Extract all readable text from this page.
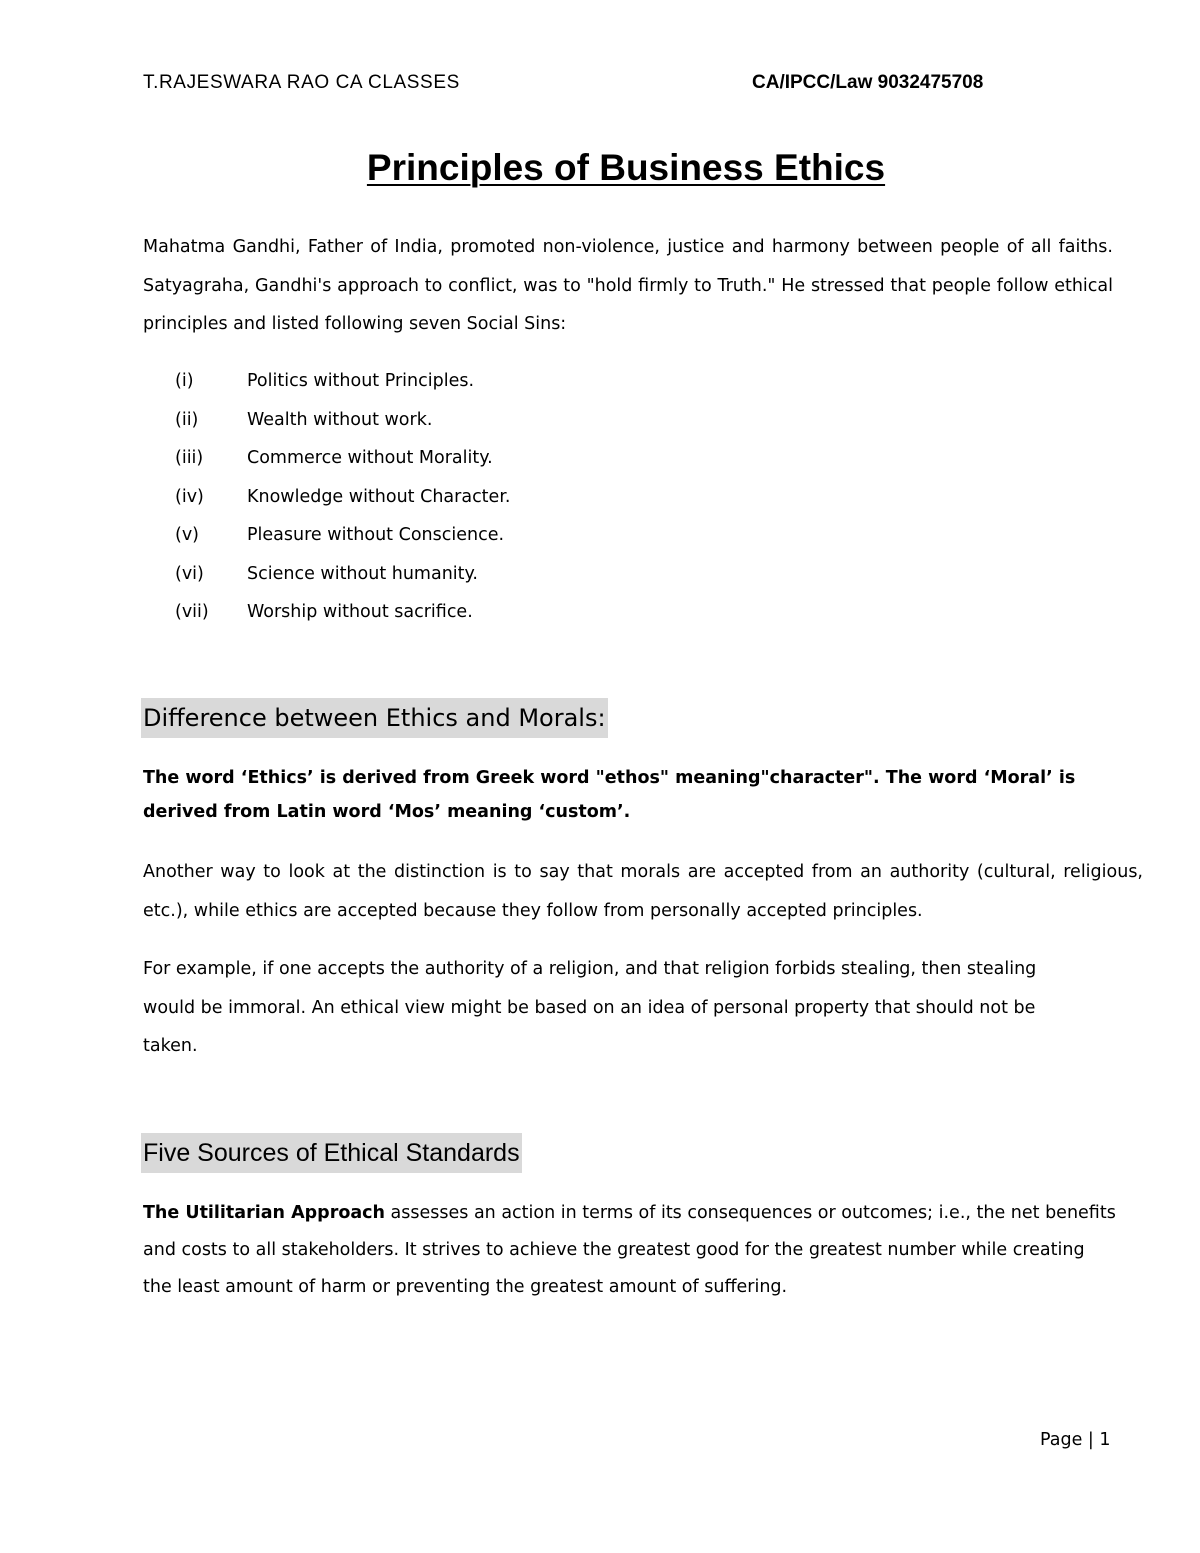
T.RAJESWARA RAO CA CLASSES	CA/IPCC/Law 9032475708
Principles of Business Ethics
Mahatma Gandhi, Father of India, promoted non-violence, justice and harmony between people of all faiths. Satyagraha, Gandhi's approach to conflict, was to "hold firmly to Truth." He stressed that people follow ethical principles and listed following seven Social Sins:
(i)	Politics without Principles.
(ii)	Wealth without work.
(iii)	Commerce without Morality.
(iv) Knowledge without Character.
(v)	Pleasure without Conscience.
(vi) Science without humanity.
(vii) Worship without sacrifice.
Difference between Ethics and Morals:
The word ‘Ethics’ is derived from Greek word "ethos" meaning"character". The word ‘Moral’ is derived from Latin word ‘Mos’ meaning ‘custom’.
Another way to look at the distinction is to say that morals are accepted from an authority (cultural, religious, etc.), while ethics are accepted because they follow from personally accepted principles.
For example, if one accepts the authority of a religion, and that religion forbids stealing, then stealing would be immoral. An ethical view might be based on an idea of personal property that should not be taken.
Five Sources of Ethical Standards
The Utilitarian Approach assesses an action in terms of its consequences or outcomes; i.e., the net benefits and costs to all stakeholders. It strives to achieve the greatest good for the greatest number while creating the least amount of harm or preventing the greatest amount of suffering.
Page | 1
